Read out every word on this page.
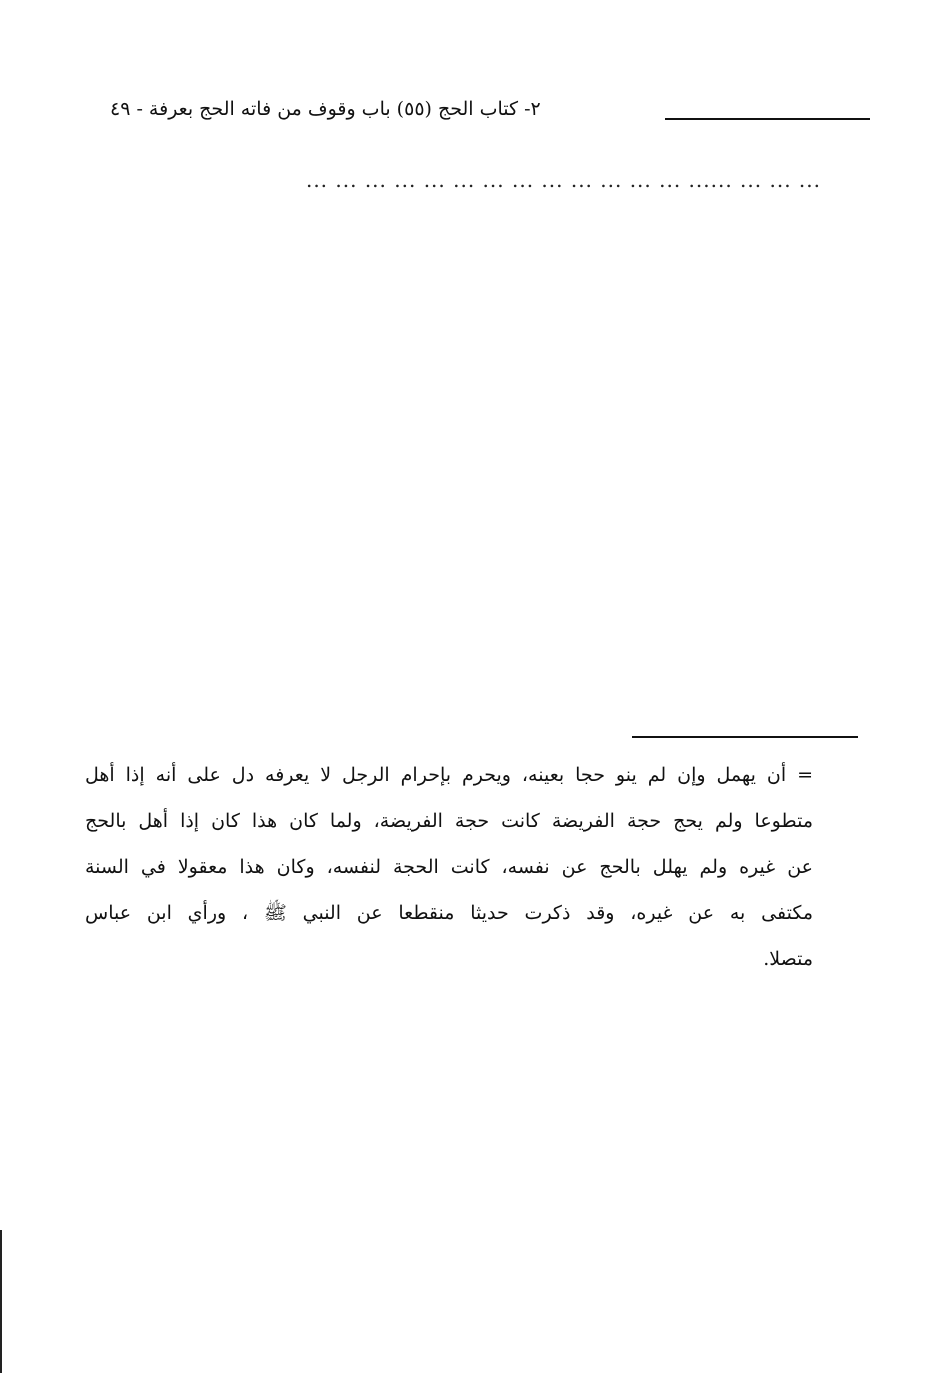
٢- كتاب الحج (٥٥) باب وقوف من فاته الحج بعرفة - ٤٩
... ... ... ... ... ... ... ... ... ... ... ... ... ...... ... ... ...
= أن يهمل وإن لم ينو حجا بعينه، ويحرم بإحرام الرجل لا يعرفه دل على أنه إذا أهل
متطوعا ولم يحج حجة الفريضة كانت حجة الفريضة، ولما كان هذا كان إذا أهل بالحج
عن غيره ولم يهلل بالحج عن نفسه، كانت الحجة لنفسه، وكان هذا معقولا في السنة
مكتفى به عن غيره، وقد ذكرت حديثا منقطعا عن النبي ﷺ ، ورأي ابن عباس
متصلا.
